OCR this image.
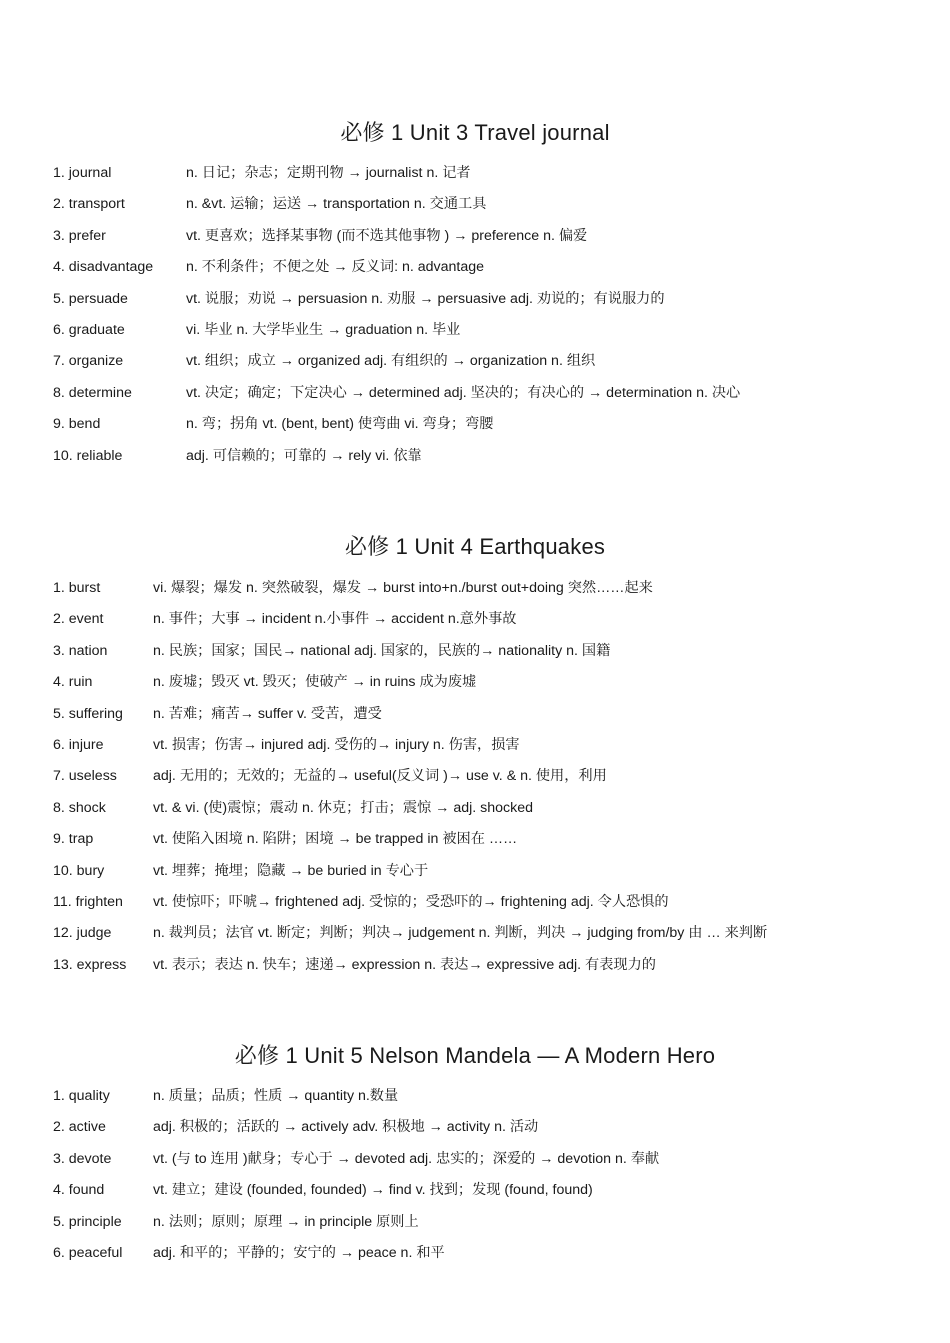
必修 1 Unit 3 Travel journal
1. journal	n. 日记；杂志；定期刊物 → journalist n. 记者
2. transport	n. &vt. 运输；运送 → transportation n. 交通工具
3. prefer	vt. 更喜欢；选择某事物 (而不选其他事物 ) → preference n. 偏爱
4. disadvantage n. 不利条件；不便之处 → 反义词: n. advantage
5. persuade	vt. 说服；劝说 → persuasion n. 劝服 → persuasive adj. 劝说的；有说服力的
6. graduate	vi. 毕业 n. 大学毕业生 → graduation n. 毕业
7. organize	vt. 组织；成立 → organized adj. 有组织的 → organization n. 组织
8. determine	vt. 决定；确定；下定决心 → determined adj. 坚决的；有决心的 → determination n. 决心
9. bend	n. 弯；拐角 vt. (bent, bent) 使弯曲 vi. 弯身；弯腰
10. reliable	adj. 可信赖的；可靠的 → rely vi. 依靠
必修 1 Unit 4 Earthquakes
1. burst	vi. 爆裂；爆发 n. 突然破裂，爆发 → burst into+n./burst out+doing 突然……起来
2. event	n. 事件；大事 → incident n.小事件 → accident n.意外事故
3. nation	n. 民族；国家；国民→ national adj. 国家的，民族的→ nationality n. 国籍
4. ruin	n. 废墟；毁灭 vt. 毁灭；使破产 → in ruins 成为废墟
5. suffering n. 苦难；痛苦→ suffer v. 受苦，遭受
6. injure	vt. 损害；伤害→ injured adj. 受伤的→ injury n. 伤害，损害
7. useless	adj. 无用的；无效的；无益的→ useful(反义词 )→ use v. & n. 使用，利用
8. shock	vt. & vi. (使)震惊；震动 n. 休克；打击；震惊 → adj. shocked
9. trap	vt. 使陷入困境 n. 陷阱；困境 → be trapped in 被困在 ……
10. bury	vt. 埋葬；掩埋；隐藏 → be buried in 专心于
11. frighten vt. 使惊吓；吓唬→ frightened adj. 受惊的；受恐吓的→ frightening adj. 令人恐惧的
12. judge	n. 裁判员；法官 vt. 断定；判断；判决→ judgement n. 判断，判决 → judging from/by 由 … 来判断
13. express vt. 表示；表达 n. 快车；速递→ expression n. 表达→ expressive adj. 有表现力的
必修 1 Unit 5 Nelson Mandela — A Modern Hero
1. quality	n. 质量；品质；性质 → quantity n.数量
2. active	adj. 积极的；活跃的 → actively adv. 积极地 → activity n. 活动
3. devote	vt. (与 to 连用 )献身；专心于 → devoted adj. 忠实的；深爱的 → devotion n. 奉献
4. found	vt. 建立；建设 (founded, founded) → find v. 找到；发现 (found, found)
5. principle n. 法则；原则；原理 → in principle 原则上
6. peaceful adj. 和平的；平静的；安宁的 → peace n. 和平
